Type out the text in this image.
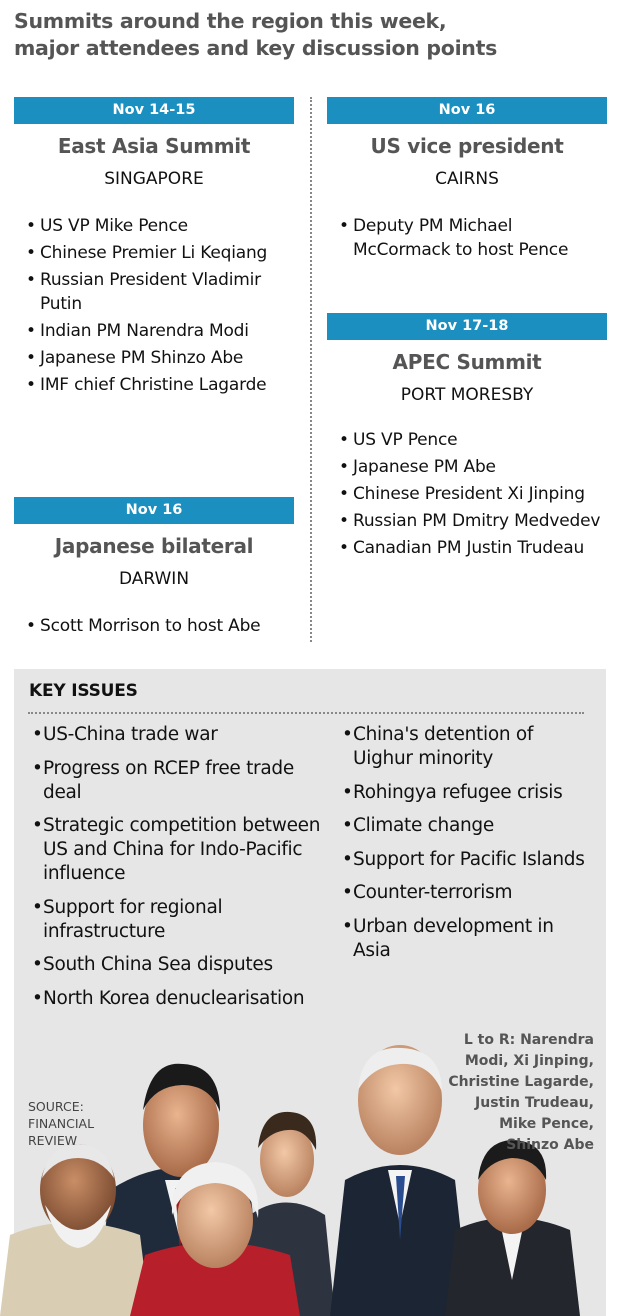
Summits around the region this week,
major attendees and key discussion points
Nov 14-15
East Asia Summit
SINGAPORE
• US VP Mike Pence
• Chinese Premier Li Keqiang
• Russian President Vladimir Putin
• Indian PM Narendra Modi
• Japanese PM Shinzo Abe
• IMF chief Christine Lagarde
Nov 16
Japanese bilateral
DARWIN
• Scott Morrison to host Abe
Nov 16
US vice president
CAIRNS
• Deputy PM Michael McCormack to host Pence
Nov 17-18
APEC Summit
PORT MORESBY
• US VP Pence
• Japanese PM Abe
• Chinese President Xi Jinping
• Russian PM Dmitry Medvedev
• Canadian PM Justin Trudeau
KEY ISSUES
• US-China trade war
• Progress on RCEP free trade deal
• Strategic competition between US and China for Indo-Pacific influence
• Support for regional infrastructure
• South China Sea disputes
• North Korea denuclearisation
• China's detention of Uighur minority
• Rohingya refugee crisis
• Climate change
• Support for Pacific Islands
• Counter-terrorism
• Urban development in Asia
L to R: Narendra
Modi, Xi Jinping,
Christine Lagarde,
Justin Trudeau,
Mike Pence,
Shinzo Abe
SOURCE:
FINANCIAL
REVIEW
